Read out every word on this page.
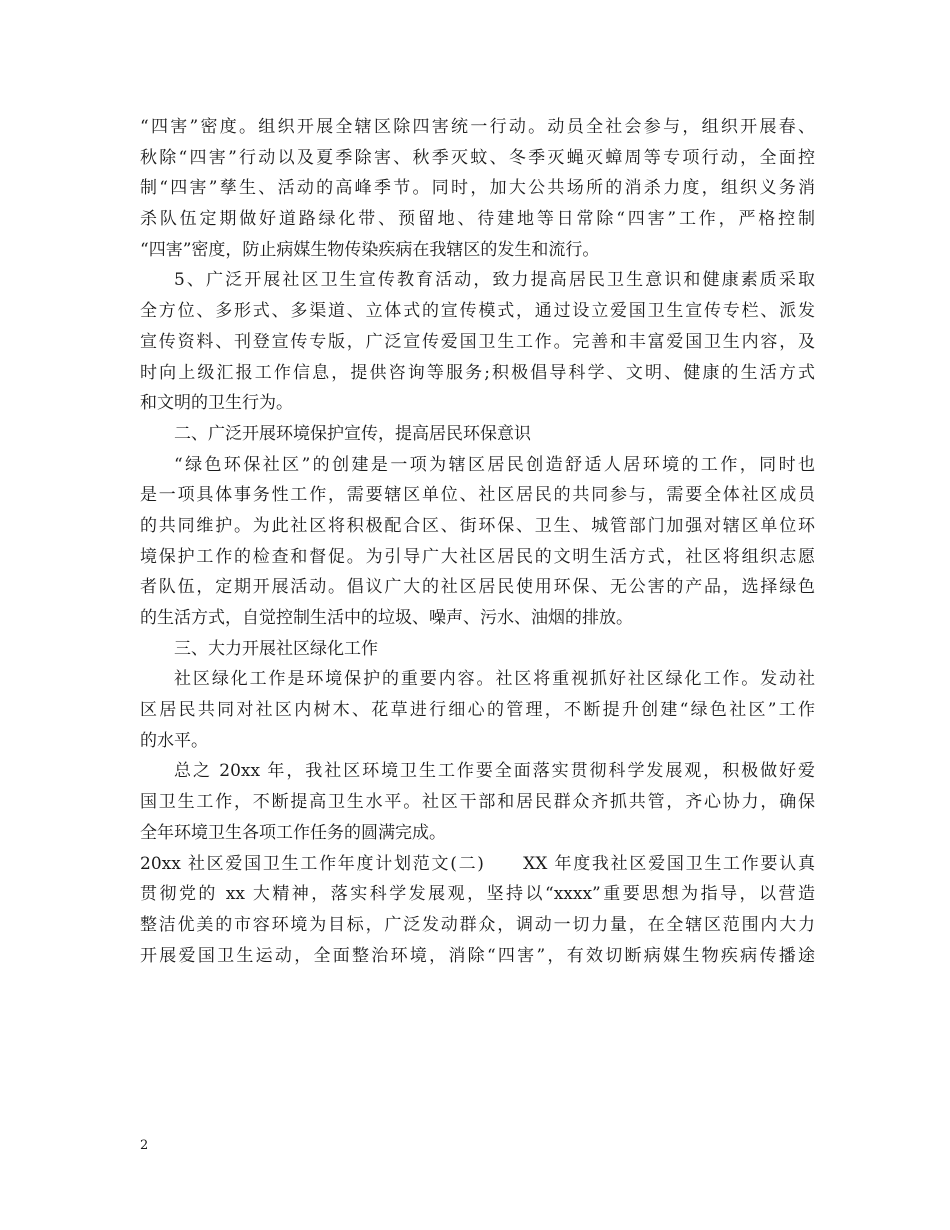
“四害”密度。组织开展全辖区除四害统一行动。动员全社会参与，组织开展春、
秋除“四害”行动以及夏季除害、秋季灭蚊、冬季灭蝇灭蟑周等专项行动，全面控
制“四害”孳生、活动的高峰季节。同时，加大公共场所的消杀力度，组织义务消
杀队伍定期做好道路绿化带、预留地、待建地等日常除“四害”工作，严格控制
“四害”密度，防止病媒生物传染疾病在我辖区的发生和流行。
5、广泛开展社区卫生宣传教育活动，致力提高居民卫生意识和健康素质采取
全方位、多形式、多渠道、立体式的宣传模式，通过设立爱国卫生宣传专栏、派发
宣传资料、刊登宣传专版，广泛宣传爱国卫生工作。完善和丰富爱国卫生内容，及
时向上级汇报工作信息，提供咨询等服务;积极倡导科学、文明、健康的生活方式
和文明的卫生行为。
二、广泛开展环境保护宣传，提高居民环保意识
“绿色环保社区”的创建是一项为辖区居民创造舒适人居环境的工作，同时也
是一项具体事务性工作，需要辖区单位、社区居民的共同参与，需要全体社区成员
的共同维护。为此社区将积极配合区、街环保、卫生、城管部门加强对辖区单位环
境保护工作的检查和督促。为引导广大社区居民的文明生活方式，社区将组织志愿
者队伍，定期开展活动。倡议广大的社区居民使用环保、无公害的产品，选择绿色
的生活方式，自觉控制生活中的垃圾、噪声、污水、油烟的排放。
三、大力开展社区绿化工作
社区绿化工作是环境保护的重要内容。社区将重视抓好社区绿化工作。发动社
区居民共同对社区内树木、花草进行细心的管理，不断提升创建“绿色社区”工作
的水平。
总之 20xx 年，我社区环境卫生工作要全面落实贯彻科学发展观，积极做好爱
国卫生工作，不断提高卫生水平。社区干部和居民群众齐抓共管，齐心协力，确保
全年环境卫生各项工作任务的圆满完成。
20xx 社区爱国卫生工作年度计划范文(二)　　XX 年度我社区爱国卫生工作要认真
贯彻党的 xx 大精神，落实科学发展观，坚持以“xxxx”重要思想为指导，以营造
整洁优美的市容环境为目标，广泛发动群众，调动一切力量，在全辖区范围内大力
开展爱国卫生运动，全面整治环境，消除“四害”，有效切断病媒生物疾病传播途
2
